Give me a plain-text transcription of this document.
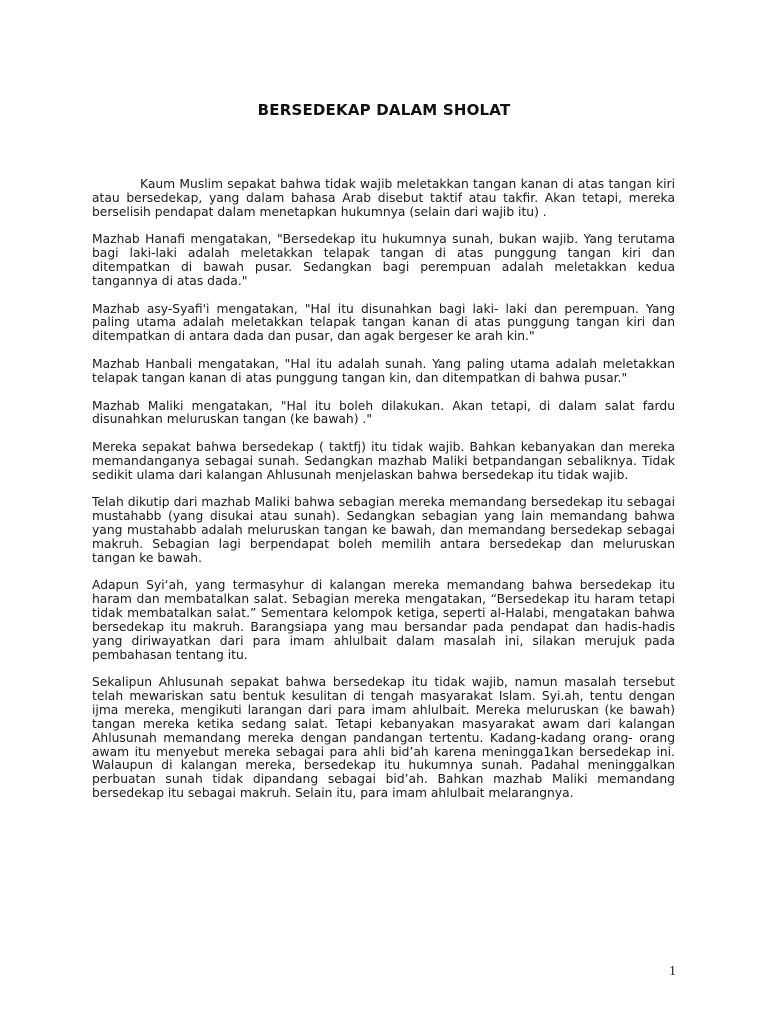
BERSEDEKAP DALAM SHOLAT

Kaum Muslim sepakat bahwa tidak wajib meletakkan tangan kanan di atas tangan kiri atau bersedekap, yang dalam bahasa Arab disebut taktif atau takfir. Akan tetapi, mereka berselisih pendapat dalam menetapkan hukumnya (selain dari wajib itu) .

Mazhab Hanafi mengatakan, "Bersedekap itu hukumnya sunah, bukan wajib. Yang terutama bagi laki-laki adalah meletakkan telapak tangan di atas punggung tangan kiri dan ditempatkan di bawah pusar. Sedangkan bagi perempuan adalah meletakkan kedua tangannya di atas dada."

Mazhab asy-Syafi'i mengatakan, "Hal itu disunahkan bagi laki- laki dan perempuan. Yang paling utama adalah meletakkan telapak tangan kanan di atas punggung tangan kiri dan ditempatkan di antara dada dan pusar, dan agak bergeser ke arah kin."

Mazhab Hanbali mengatakan, "Hal itu adalah sunah. Yang paling utama adalah meletakkan telapak tangan kanan di atas punggung tangan kin, dan ditempatkan di bahwa pusar."

Mazhab Maliki mengatakan, "Hal itu boleh dilakukan. Akan tetapi, di dalam salat fardu disunahkan meluruskan tangan (ke bawah) ."

Mereka sepakat bahwa bersedekap ( taktfj) itu tidak wajib. Bahkan kebanyakan dan mereka memandanganya sebagai sunah. Sedangkan mazhab Maliki betpandangan sebaliknya. Tidak sedikit ulama dari kalangan Ahlusunah menjelaskan bahwa bersedekap itu tidak wajib.

Telah dikutip dari mazhab Maliki bahwa sebagian mereka memandang bersedekap itu sebagai mustahabb (yang disukai atau sunah). Sedangkan sebagian yang lain memandang bahwa yang mustahabb adalah meluruskan tangan ke bawah, dan memandang bersedekap sebagai makruh. Sebagian lagi berpendapat boleh memilih antara bersedekap dan meluruskan tangan ke bawah.

Adapun Syi‘ah, yang termasyhur di kalangan mereka memandang bahwa bersedekap itu haram dan membatalkan salat. Sebagian mereka mengatakan, “Bersedekap itu haram tetapi tidak membatalkan salat.” Sementara kelompok ketiga, seperti al-Halabi, mengatakan bahwa bersedekap itu makruh. Barangsiapa yang mau bersandar pada pendapat dan hadis-hadis yang diriwayatkan dari para imam ahlulbait dalam masalah ini, silakan merujuk pada pembahasan tentang itu.

Sekalipun Ahlusunah sepakat bahwa bersedekap itu tidak wajib, namun masalah tersebut telah mewariskan satu bentuk kesulitan di tengah masyarakat Islam. Syi.ah, tentu dengan ijma mereka, mengikuti larangan dari para imam ahlulbait. Mereka meluruskan (ke bawah) tangan mereka ketika sedang salat. Tetapi kebanyakan masyarakat awam dari kalangan Ahlusunah memandang mereka dengan pandangan tertentu. Kadang-kadang orang- orang awam itu menyebut mereka sebagai para ahli bid’ah karena meningga1kan bersedekap ini. Walaupun di kalangan mereka, bersedekap itu hukumnya sunah. Padahal meninggalkan perbuatan sunah tidak dipandang sebagai bid’ah. Bahkan mazhab Maliki memandang bersedekap itu sebagai makruh. Selain itu, para imam ahlulbait melarangnya.

1
